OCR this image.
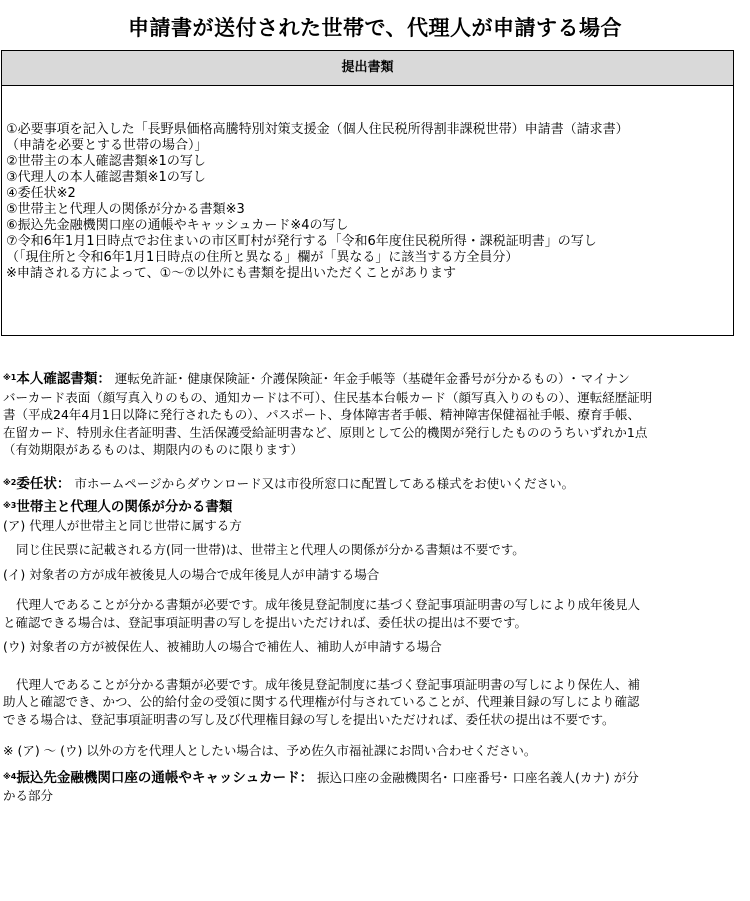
申請書が送付された世帯で、代理人が申請する場合
提出書類
①必要事項を記入した「長野県価格高騰特別対策支援金（個人住民税所得割非課税世帯）申請書（請求書）
（申請を必要とする世帯の場合）」
②世帯主の本人確認書類※1の写し
③代理人の本人確認書類※1の写し
④委任状※2
⑤世帯主と代理人の関係が分かる書類※3
⑥振込先金融機関口座の通帳やキャッシュカード※4の写し
⑦令和6年1月1日時点でお住まいの市区町村が発行する「令和6年度住民税所得・課税証明書」の写し
（「現住所と令和6年1月1日時点の住所と異なる」欄が「異なる」に該当する方全員分）
※申請される方によって、①～⑦以外にも書類を提出いただくことがあります

$^{※1}$本人確認書類： 運転免許証･ 健康保険証･ 介護保険証･ 年金手帳等（基礎年金番号が分かるもの）･ マイナン

バーカード表面（顔写真入りのもの、通知カードは不可）、住民基本台帳カード（顔写真入りのもの）、運転経歴証明

書（平成24年4月1日以降に発行されたもの）、パスポート、身体障害者手帳、精神障害保健福祉手帳、療育手帳、

在留カード、特別永住者証明書、生活保護受給証明書など、原則として公的機関が発行したもののうちいずれか1点

（有効期限があるものは、期限内のものに限ります）

$^{※2}$委任状： 市ホームページからダウンロード又は市役所窓口に配置してある様式をお使いください。

$^{※3}$世帯主と代理人の関係が分かる書類

(ア) 代理人が世帯主と同じ世帯に属する方

同じ住民票に記載される方(同一世帯)は、世帯主と代理人の関係が分かる書類は不要です。

(イ) 対象者の方が成年被後見人の場合で成年後見人が申請する場合

代理人であることが分かる書類が必要です。成年後見登記制度に基づく登記事項証明書の写しにより成年後見人

と確認できる場合は、登記事項証明書の写しを提出いただければ、委任状の提出は不要です。

(ウ) 対象者の方が被保佐人、被補助人の場合で補佐人、補助人が申請する場合

代理人であることが分かる書類が必要です。成年後見登記制度に基づく登記事項証明書の写しにより保佐人、補

助人と確認でき、かつ、公的給付金の受領に関する代理権が付与されていることが、代理兼目録の写しにより確認

できる場合は、登記事項証明書の写し及び代理権目録の写しを提出いただければ、委任状の提出は不要です。

※ (ア) ～ (ウ) 以外の方を代理人としたい場合は、予め佐久市福祉課にお問い合わせください。

$^{※4}$振込先金融機関口座の通帳やキャッシュカード： 振込口座の金融機関名･ 口座番号･ 口座名義人(カナ) が分

かる部分
